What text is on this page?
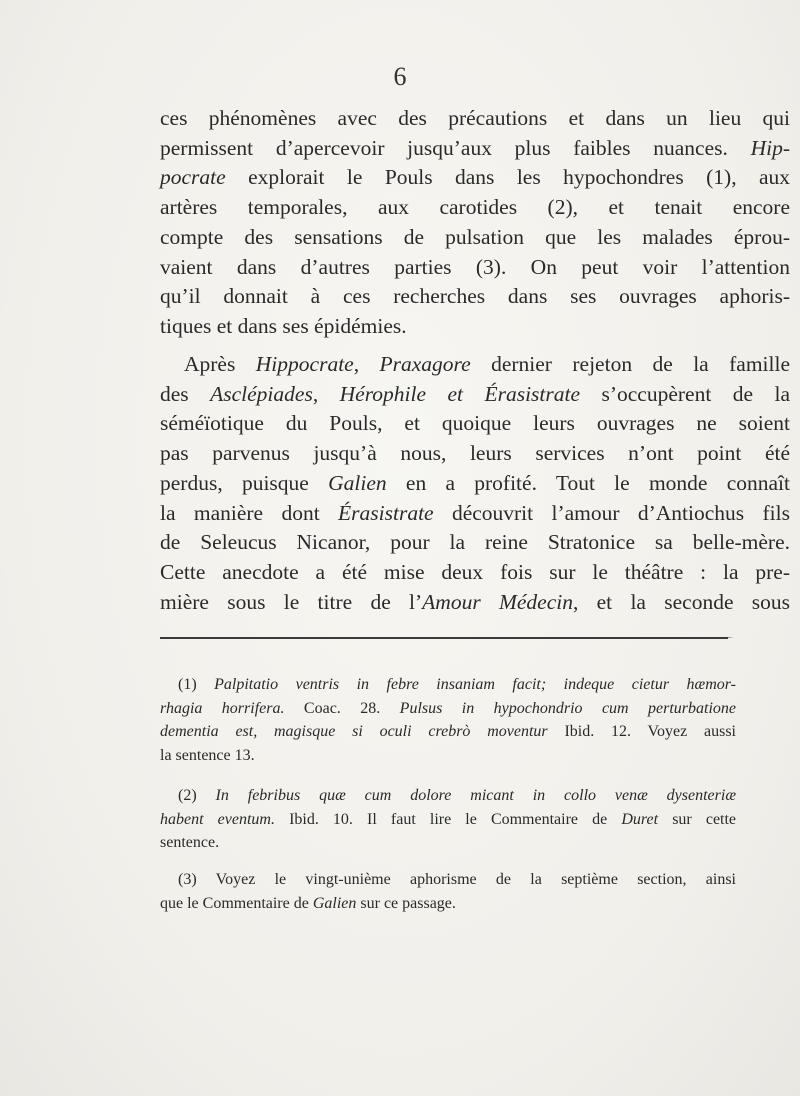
6
ces phénomènes avec des précautions et dans un lieu qui
permissent d’apercevoir jusqu’aux plus faibles nuances. Hip-
pocrate explorait le Pouls dans les hypochondres (1), aux
artères temporales, aux carotides (2), et tenait encore
compte des sensations de pulsation que les malades éprou-
vaient dans d’autres parties (3). On peut voir l’attention
qu’il donnait à ces recherches dans ses ouvrages aphoris-
tiques et dans ses épidémies.
Après Hippocrate, Praxagore dernier rejeton de la famille
des Asclépiades, Hérophile et Érasistrate s’occupèrent de la
séméïotique du Pouls, et quoique leurs ouvrages ne soient
pas parvenus jusqu’à nous, leurs services n’ont point été
perdus, puisque Galien en a profité. Tout le monde connaît
la manière dont Érasistrate découvrit l’amour d’Antiochus fils
de Seleucus Nicanor, pour la reine Stratonice sa belle-mère.
Cette anecdote a été mise deux fois sur le théâtre : la pre-
mière sous le titre de l’Amour Médecin, et la seconde sous
(1) Palpitatio ventris in febre insaniam facit; indeque cietur hæmor-
rhagia horrifera. Coac. 28. Pulsus in hypochondrio cum perturbatione
dementia est, magisque si oculi crebrò moventur Ibid. 12. Voyez aussi
la sentence 13.
(2) In febribus quæ cum dolore micant in collo venæ dysenteriæ
habent eventum. Ibid. 10. Il faut lire le Commentaire de Duret sur cette
sentence.
(3) Voyez le vingt-unième aphorisme de la septième section, ainsi
que le Commentaire de Galien sur ce passage.
